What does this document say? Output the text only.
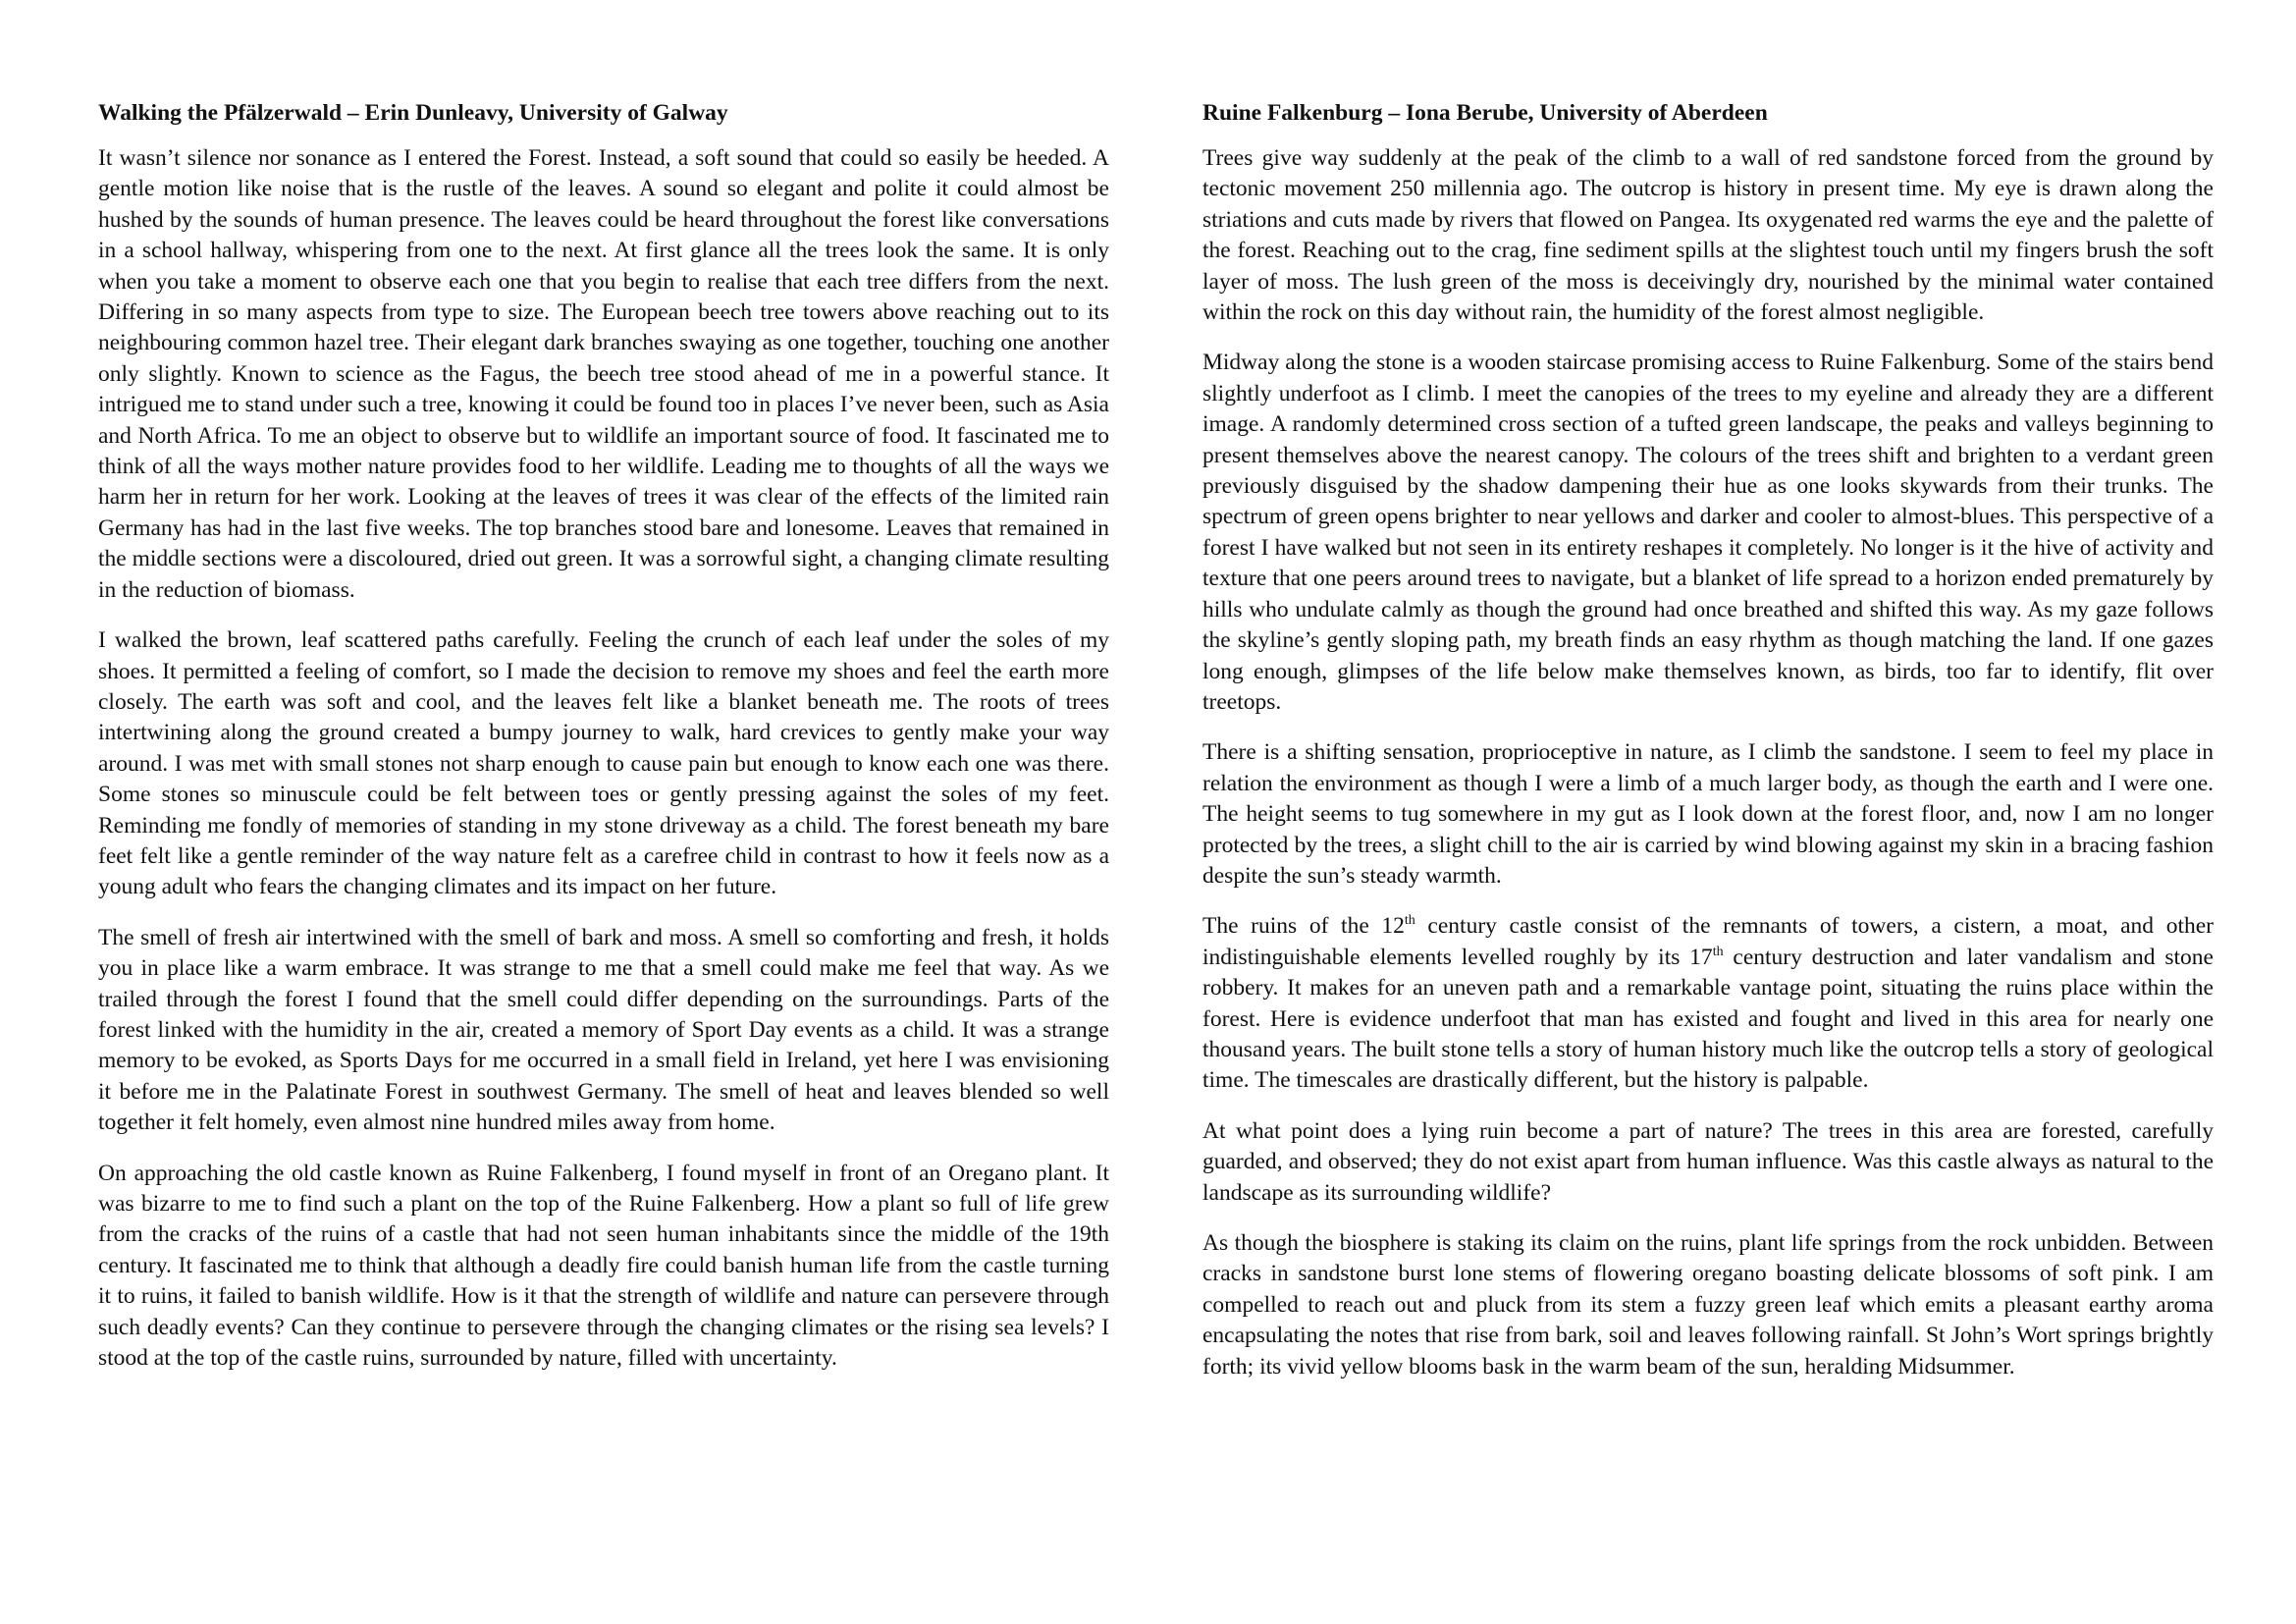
Walking the Pfälzerwald – Erin Dunleavy, University of Galway

It wasn’t silence nor sonance as I entered the Forest. Instead, a soft sound that could so easily be heeded. A gentle motion like noise that is the rustle of the leaves. A sound so elegant and polite it could almost be hushed by the sounds of human presence. The leaves could be heard throughout the forest like conversations in a school hallway, whispering from one to the next. At first glance all the trees look the same. It is only when you take a moment to observe each one that you begin to realise that each tree differs from the next. Differing in so many aspects from type to size. The European beech tree towers above reaching out to its neighbouring common hazel tree. Their elegant dark branches swaying as one together, touching one another only slightly. Known to science as the Fagus, the beech tree stood ahead of me in a powerful stance. It intrigued me to stand under such a tree, knowing it could be found too in places I’ve never been, such as Asia and North Africa. To me an object to observe but to wildlife an important source of food. It fascinated me to think of all the ways mother nature provides food to her wildlife. Leading me to thoughts of all the ways we harm her in return for her work. Looking at the leaves of trees it was clear of the effects of the limited rain Germany has had in the last five weeks. The top branches stood bare and lonesome. Leaves that remained in the middle sections were a discoloured, dried out green. It was a sorrowful sight, a changing climate resulting in the reduction of biomass.

I walked the brown, leaf scattered paths carefully. Feeling the crunch of each leaf under the soles of my shoes. It permitted a feeling of comfort, so I made the decision to remove my shoes and feel the earth more closely. The earth was soft and cool, and the leaves felt like a blanket beneath me. The roots of trees intertwining along the ground created a bumpy journey to walk, hard crevices to gently make your way around. I was met with small stones not sharp enough to cause pain but enough to know each one was there. Some stones so minuscule could be felt between toes or gently pressing against the soles of my feet. Reminding me fondly of memories of standing in my stone driveway as a child. The forest beneath my bare feet felt like a gentle reminder of the way nature felt as a carefree child in contrast to how it feels now as a young adult who fears the changing climates and its impact on her future.

The smell of fresh air intertwined with the smell of bark and moss. A smell so comforting and fresh, it holds you in place like a warm embrace. It was strange to me that a smell could make me feel that way. As we trailed through the forest I found that the smell could differ depending on the surroundings. Parts of the forest linked with the humidity in the air, created a memory of Sport Day events as a child. It was a strange memory to be evoked, as Sports Days for me occurred in a small field in Ireland, yet here I was envisioning it before me in the Palatinate Forest in southwest Germany. The smell of heat and leaves blended so well together it felt homely, even almost nine hundred miles away from home.

On approaching the old castle known as Ruine Falkenberg, I found myself in front of an Oregano plant. It was bizarre to me to find such a plant on the top of the Ruine Falkenberg. How a plant so full of life grew from the cracks of the ruins of a castle that had not seen human inhabitants since the middle of the 19th century. It fascinated me to think that although a deadly fire could banish human life from the castle turning it to ruins, it failed to banish wildlife. How is it that the strength of wildlife and nature can persevere through such deadly events? Can they continue to persevere through the changing climates or the rising sea levels? I stood at the top of the castle ruins, surrounded by nature, filled with uncertainty.

Ruine Falkenburg – Iona Berube, University of Aberdeen

Trees give way suddenly at the peak of the climb to a wall of red sandstone forced from the ground by tectonic movement 250 millennia ago. The outcrop is history in present time. My eye is drawn along the striations and cuts made by rivers that flowed on Pangea. Its oxygenated red warms the eye and the palette of the forest. Reaching out to the crag, fine sediment spills at the slightest touch until my fingers brush the soft layer of moss. The lush green of the moss is deceivingly dry, nourished by the minimal water contained within the rock on this day without rain, the humidity of the forest almost negligible.

Midway along the stone is a wooden staircase promising access to Ruine Falkenburg. Some of the stairs bend slightly underfoot as I climb. I meet the canopies of the trees to my eyeline and already they are a different image. A randomly determined cross section of a tufted green landscape, the peaks and valleys beginning to present themselves above the nearest canopy. The colours of the trees shift and brighten to a verdant green previously disguised by the shadow dampening their hue as one looks skywards from their trunks. The spectrum of green opens brighter to near yellows and darker and cooler to almost-blues. This perspective of a forest I have walked but not seen in its entirety reshapes it completely. No longer is it the hive of activity and texture that one peers around trees to navigate, but a blanket of life spread to a horizon ended prematurely by hills who undulate calmly as though the ground had once breathed and shifted this way. As my gaze follows the skyline’s gently sloping path, my breath finds an easy rhythm as though matching the land. If one gazes long enough, glimpses of the life below make themselves known, as birds, too far to identify, flit over treetops.

There is a shifting sensation, proprioceptive in nature, as I climb the sandstone. I seem to feel my place in relation the environment as though I were a limb of a much larger body, as though the earth and I were one. The height seems to tug somewhere in my gut as I look down at the forest floor, and, now I am no longer protected by the trees, a slight chill to the air is carried by wind blowing against my skin in a bracing fashion despite the sun’s steady warmth.

The ruins of the 12th century castle consist of the remnants of towers, a cistern, a moat, and other indistinguishable elements levelled roughly by its 17th century destruction and later vandalism and stone robbery. It makes for an uneven path and a remarkable vantage point, situating the ruins place within the forest. Here is evidence underfoot that man has existed and fought and lived in this area for nearly one thousand years. The built stone tells a story of human history much like the outcrop tells a story of geological time. The timescales are drastically different, but the history is palpable.

At what point does a lying ruin become a part of nature? The trees in this area are forested, carefully guarded, and observed; they do not exist apart from human influence. Was this castle always as natural to the landscape as its surrounding wildlife?

As though the biosphere is staking its claim on the ruins, plant life springs from the rock unbidden. Between cracks in sandstone burst lone stems of flowering oregano boasting delicate blossoms of soft pink. I am compelled to reach out and pluck from its stem a fuzzy green leaf which emits a pleasant earthy aroma encapsulating the notes that rise from bark, soil and leaves following rainfall. St John’s Wort springs brightly forth; its vivid yellow blooms bask in the warm beam of the sun, heralding Midsummer.
